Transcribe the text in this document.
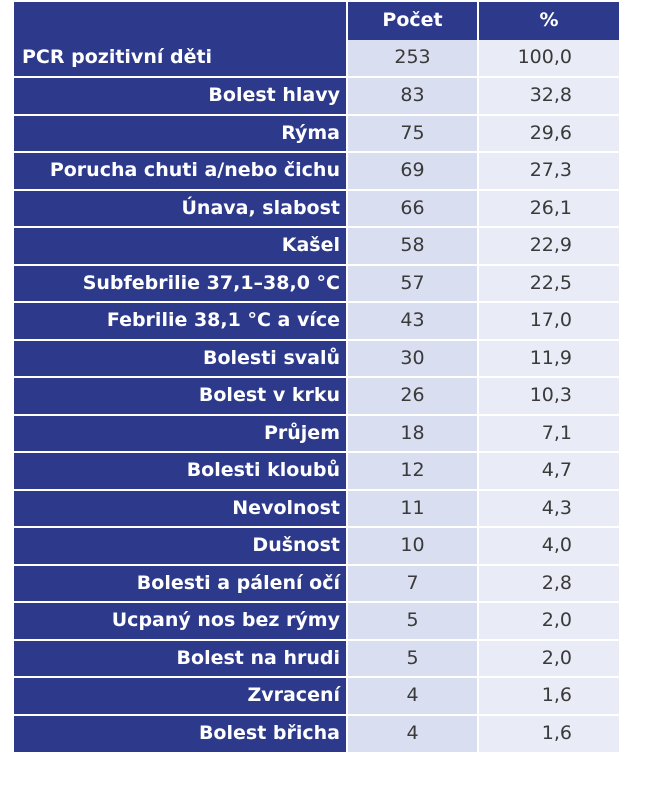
	Počet	%
PCR pozitivní děti	253	100,0
Bolest hlavy	83	32,8
Rýma	75	29,6
Porucha chuti a/nebo čichu	69	27,3
Únava, slabost	66	26,1
Kašel	58	22,9
Subfebrilie 37,1–38,0 °C	57	22,5
Febrilie 38,1 °C a více	43	17,0
Bolesti svalů	30	11,9
Bolest v krku	26	10,3
Průjem	18	7,1
Bolesti kloubů	12	4,7
Nevolnost	11	4,3
Dušnost	10	4,0
Bolesti a pálení očí	7	2,8
Ucpaný nos bez rýmy	5	2,0
Bolest na hrudi	5	2,0
Zvracení	4	1,6
Bolest břicha	4	1,6
